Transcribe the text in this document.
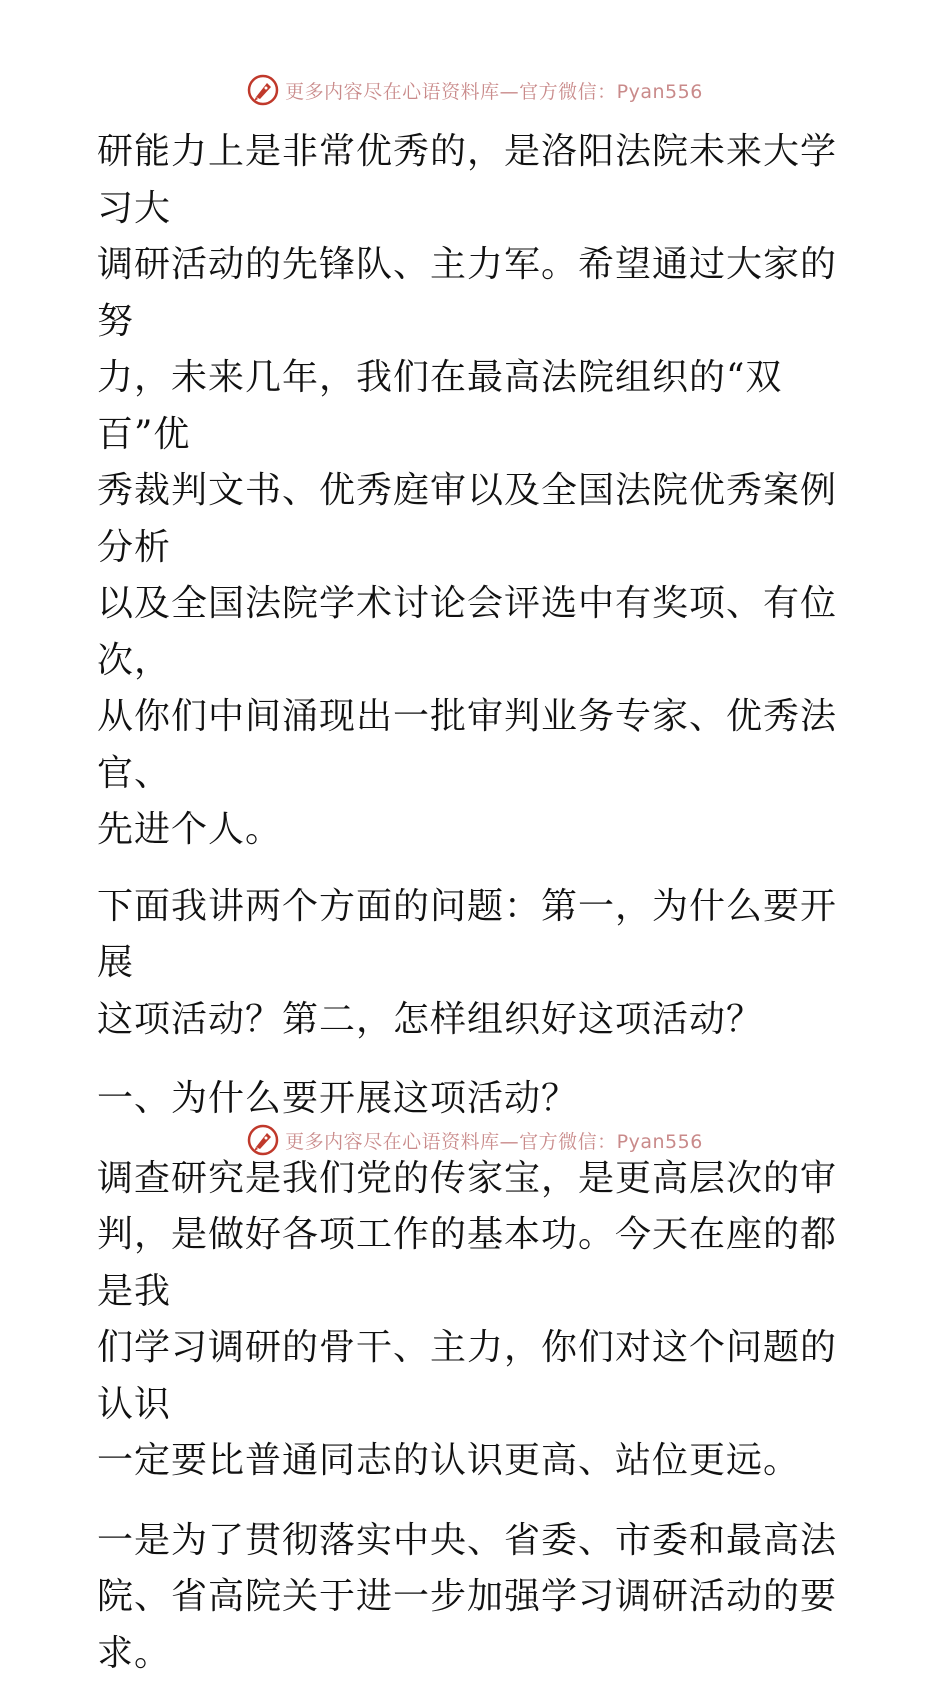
更多内容尽在心语资料库—官方微信：Pyan556

研能力上是非常优秀的，是洛阳法院未来大学习大
调研活动的先锋队、主力军。希望通过大家的努
力，未来几年，我们在最高法院组织的“双百”优
秀裁判文书、优秀庭审以及全国法院优秀案例分析
以及全国法院学术讨论会评选中有奖项、有位次，
从你们中间涌现出一批审判业务专家、优秀法官、
先进个人。

下面我讲两个方面的问题：第一，为什么要开展
这项活动？第二，怎样组织好这项活动？

一、为什么要开展这项活动？

调查研究是我们党的传家宝，是更高层次的审
判，是做好各项工作的基本功。今天在座的都是我
们学习调研的骨干、主力，你们对这个问题的认识
一定要比普通同志的认识更高、站位更远。

一是为了贯彻落实中央、省委、市委和最高法
院、省高院关于进一步加强学习调研活动的要求。

更多内容尽在心语资料库—官方微信：Pyan556
